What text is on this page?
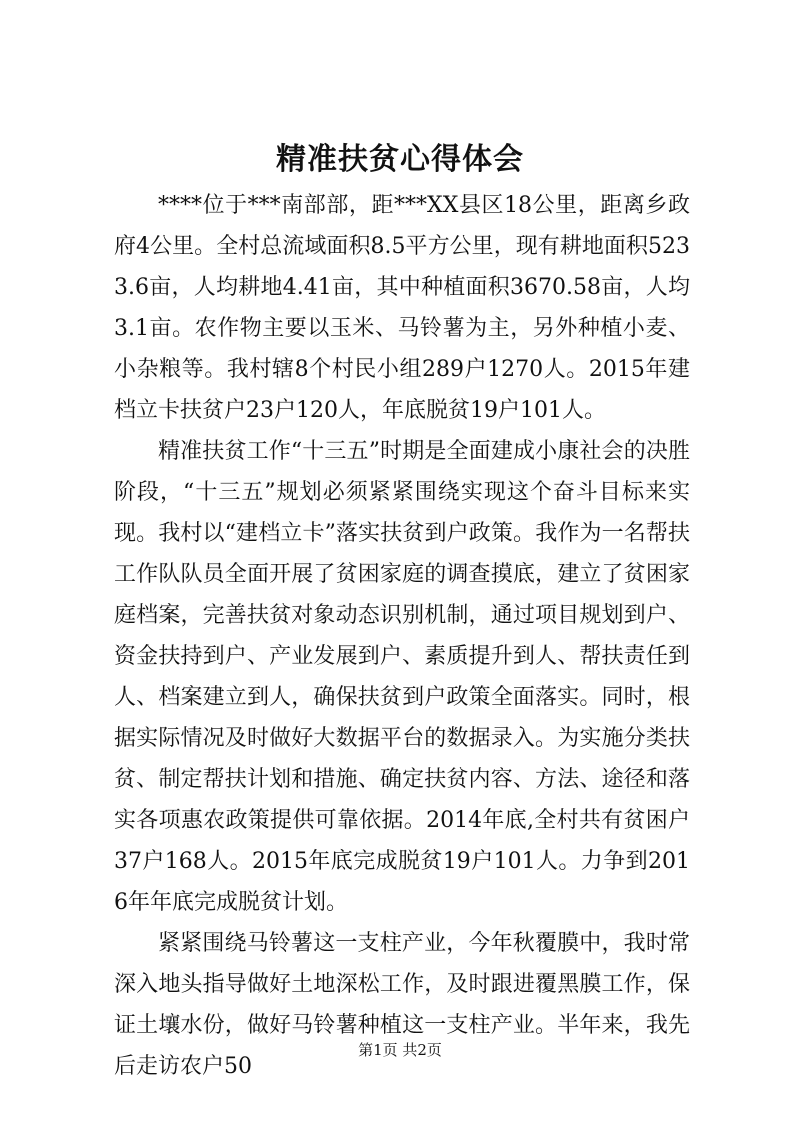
精准扶贫心得体会

****位于***南部部，距***XX县区18公里，距离乡政府4公里。全村总流域面积8.5平方公里，现有耕地面积5233.6亩，人均耕地4.41亩，其中种植面积3670.58亩，人均3.1亩。农作物主要以玉米、马铃薯为主，另外种植小麦、小杂粮等。我村辖8个村民小组289户1270人。2015年建档立卡扶贫户23户120人，年底脱贫19户101人。

精准扶贫工作“十三五”时期是全面建成小康社会的决胜阶段，“十三五”规划必须紧紧围绕实现这个奋斗目标来实现。我村以“建档立卡”落实扶贫到户政策。我作为一名帮扶工作队队员全面开展了贫困家庭的调查摸底，建立了贫困家庭档案，完善扶贫对象动态识别机制，通过项目规划到户、资金扶持到户、产业发展到户、素质提升到人、帮扶责任到人、档案建立到人，确保扶贫到户政策全面落实。同时，根据实际情况及时做好大数据平台的数据录入。为实施分类扶贫、制定帮扶计划和措施、确定扶贫内容、方法、途径和落实各项惠农政策提供可靠依据。2014年底,全村共有贫困户37户168人。2015年底完成脱贫19户101人。力争到2016年年底完成脱贫计划。

紧紧围绕马铃薯这一支柱产业，今年秋覆膜中，我时常深入地头指导做好土地深松工作，及时跟进覆黑膜工作，保证土壤水份，做好马铃薯种植这一支柱产业。半年来，我先后走访农户50

第1页 共2页
